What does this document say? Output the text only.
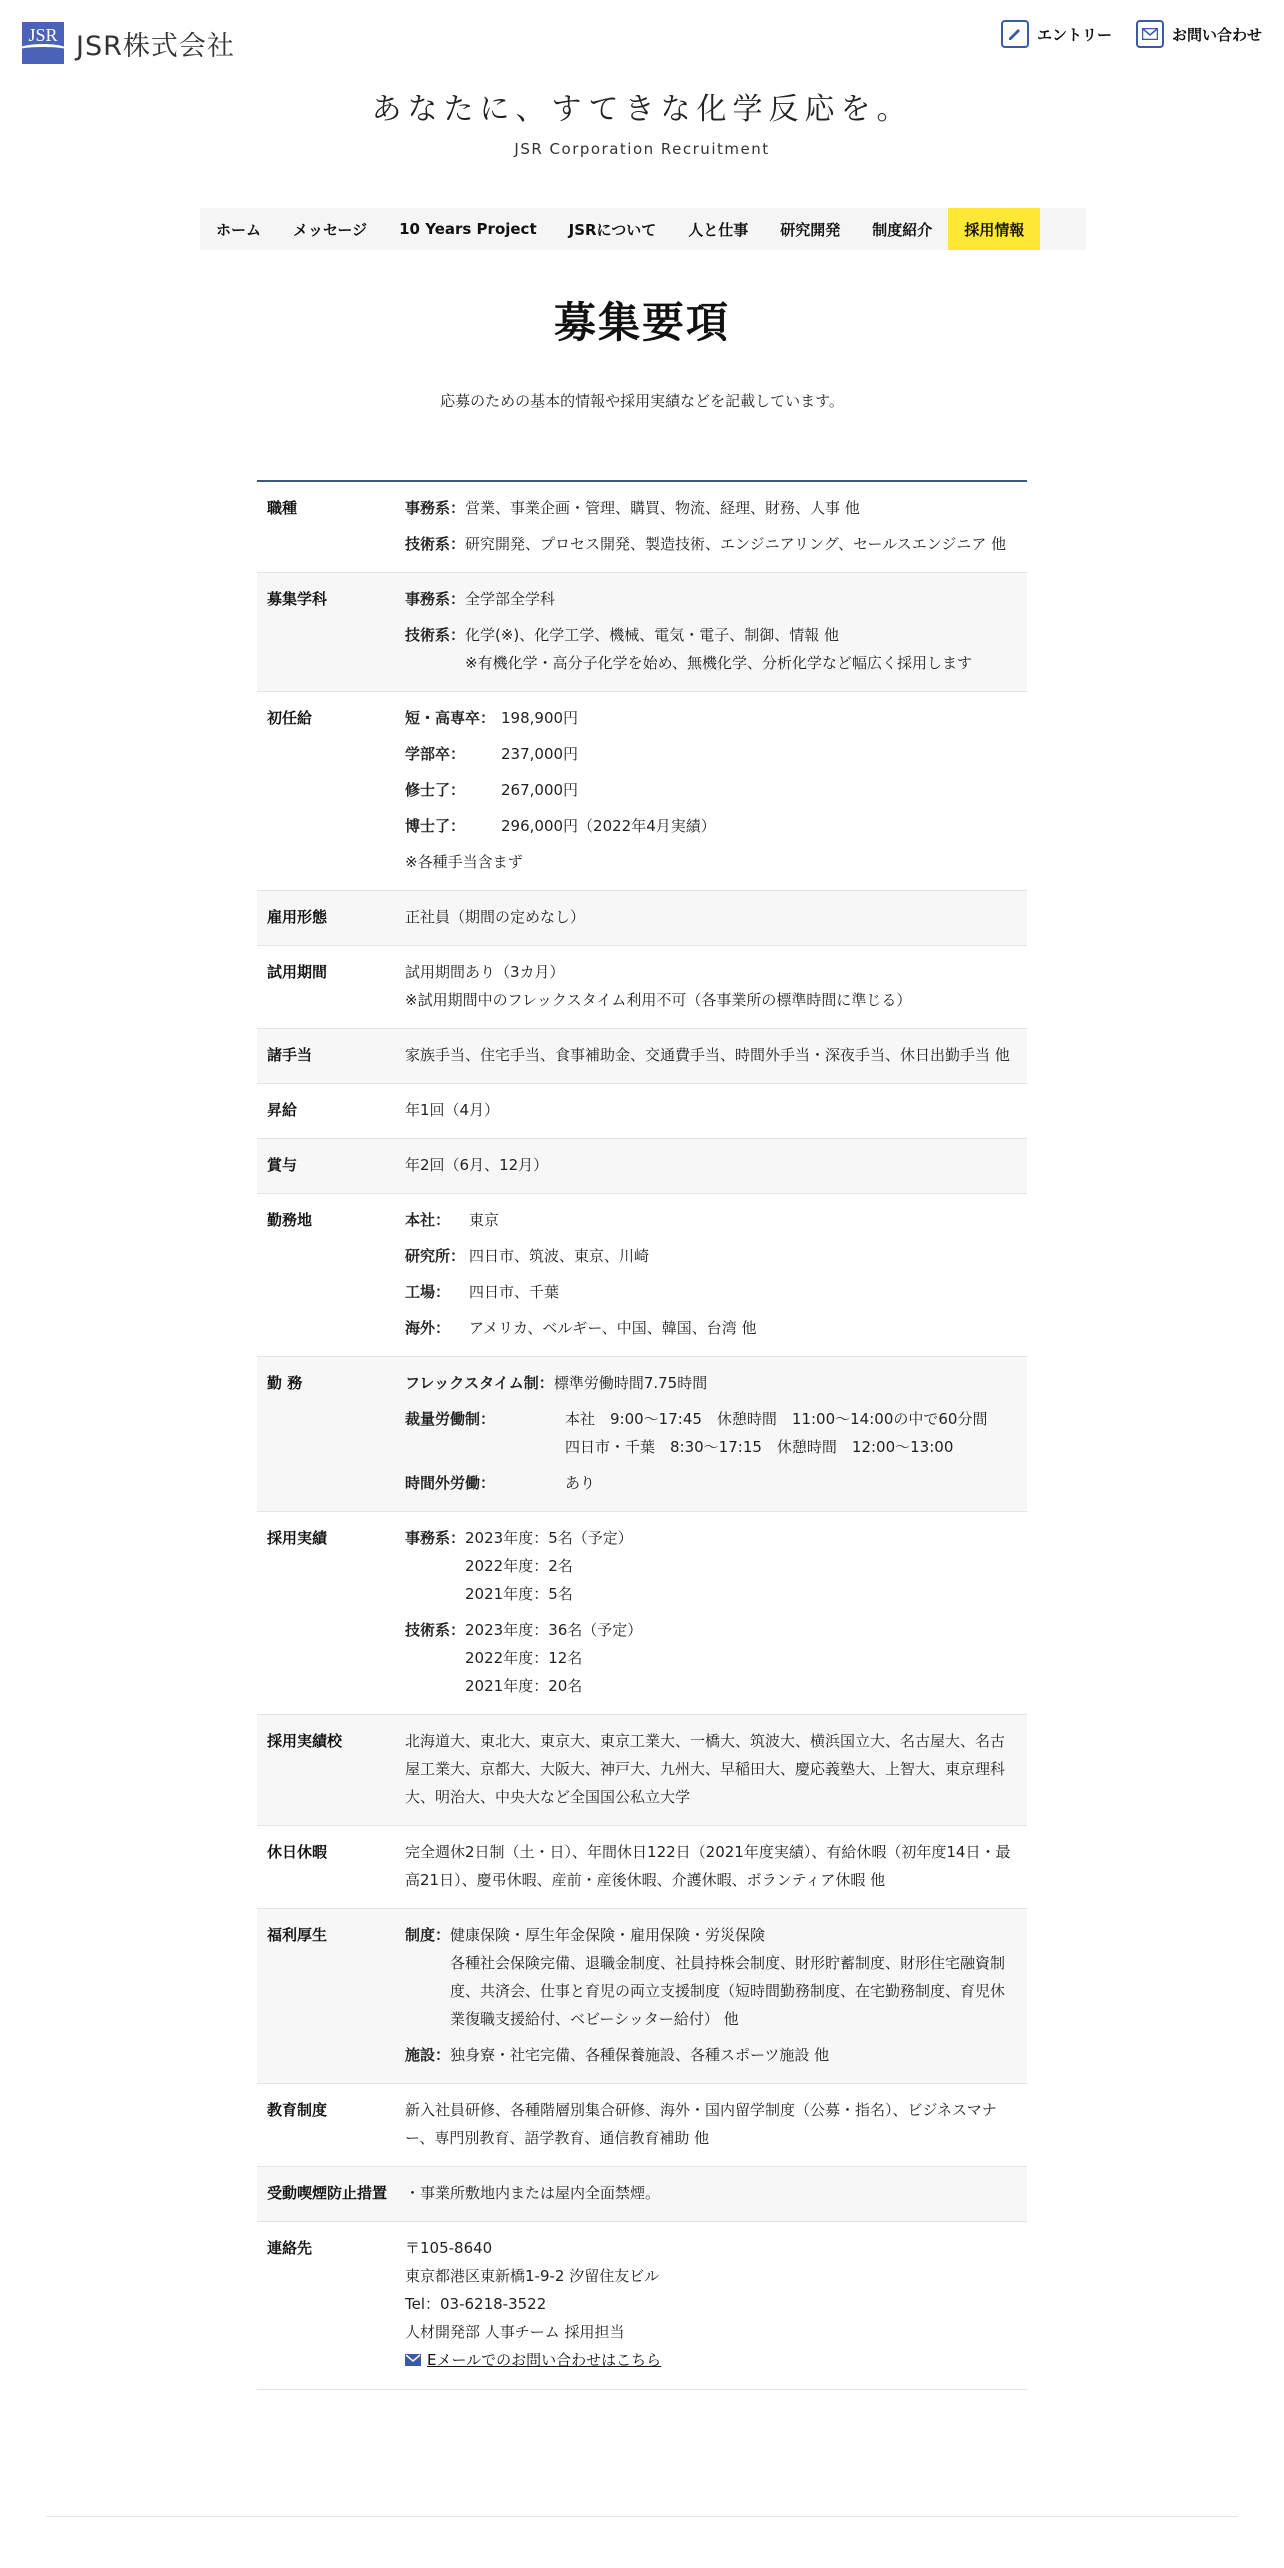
JSR JSR株式会社	エントリー	お問い合わせ
あなたに、すてきな化学反応を。
JSR Corporation Recruitment
ホーム	メッセージ	10 Years Project	JSRについて	人と仕事	研究開発	制度紹介	採用情報
募集要項

応募のための基本的情報や採用実績などを記載しています。

職種	事務系： 営業、事業企画・管理、購買、物流、経理、財務、人事 他
技術系： 研究開発、プロセス開発、製造技術、エンジニアリング、セールスエンジニア 他
募集学科	事務系： 全学部全学科
技術系： 化学(※)、化学工学、機械、電気・電子、制御、情報 他
※有機化学・高分子化学を始め、無機化学、分析化学など幅広く採用します
初任給	短・高専卒： 198,900円
学部卒：	237,000円
修士了：	267,000円
博士了：	296,000円（2022年4月実績）
※各種手当含まず
雇用形態	正社員（期間の定めなし）
試用期間	試用期間あり（3カ月）
※試用期間中のフレックスタイム利用不可（各事業所の標準時間に準じる）
諸手当	家族手当、住宅手当、食事補助金、交通費手当、時間外手当・深夜手当、休日出勤手当 他
昇給	年1回（4月）
賞与	年2回（6月、12月）
勤務地	本社：	東京
研究所： 四日市、筑波、東京、川崎
工場：	四日市、千葉
海外：	アメリカ、ベルギー、中国、韓国、台湾 他
勤 務	フレックスタイム制： 標準労働時間7.75時間
裁量労働制：	本社　9:00～17:45　休憩時間　11:00～14:00の中で60分間
四日市・千葉　8:30～17:15　休憩時間　12:00～13:00
時間外労働：	あり
採用実績	事務系： 2023年度：5名（予定）
2022年度：2名
2021年度：5名
技術系： 2023年度：36名（予定）
2022年度：12名
2021年度：20名
採用実績校	北海道大、東北大、東京大、東京工業大、一橋大、筑波大、横浜国立大、名古屋大、名古屋工業大、京都大、大阪大、神戸大、九州大、早稲田大、慶応義塾大、上智大、東京理科大、明治大、中央大など全国国公私立大学
休日休暇	完全週休2日制（土・日）、年間休日122日（2021年度実績）、有給休暇（初年度14日・最高21日）、慶弔休暇、産前・産後休暇、介護休暇、ボランティア休暇 他
福利厚生	制度： 健康保険・厚生年金保険・雇用保険・労災保険
各種社会保険完備、退職金制度、社員持株会制度、財形貯蓄制度、財形住宅融資制度、共済会、仕事と育児の両立支援制度（短時間勤務制度、在宅勤務制度、育児休業復職支援給付、ベビーシッター給付） 他
施設： 独身寮・社宅完備、各種保養施設、各種スポーツ施設 他
教育制度	新入社員研修、各種階層別集合研修、海外・国内留学制度（公募・指名）、ビジネスマナー、専門別教育、語学教育、通信教育補助 他
受動喫煙防止措置	・事業所敷地内または屋内全面禁煙。
連絡先	〒105-8640
東京都港区東新橋1-9-2 汐留住友ビル
Tel：03-6218-3522
人材開発部 人事チーム 採用担当
Eメールでのお問い合わせはこちら
